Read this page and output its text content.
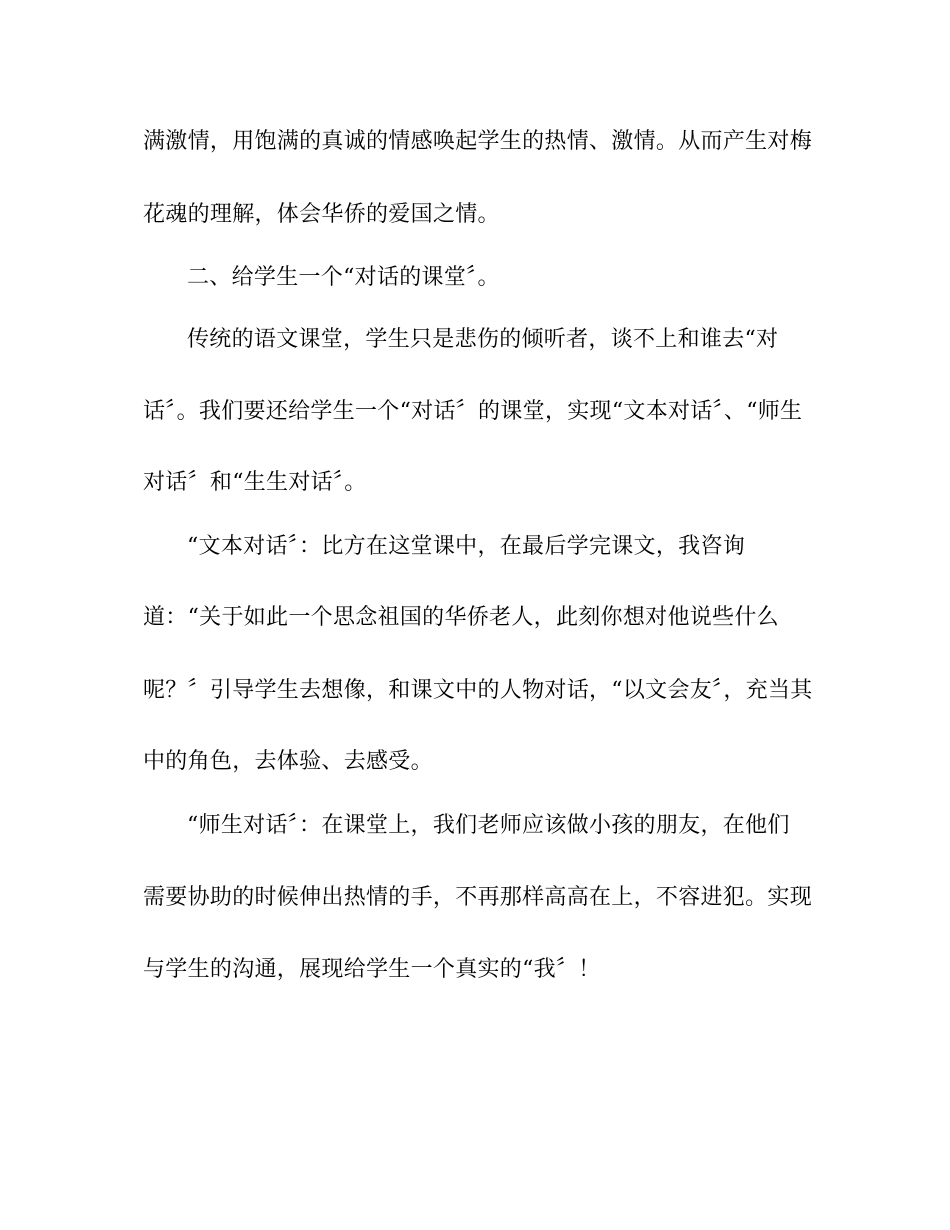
满激情，用饱满的真诚的情感唤起学生的热情、激情。从而产生对梅
花魂的理解，体会华侨的爱国之情。
二、给学生一个“对话的课堂〞。
传统的语文课堂，学生只是悲伤的倾听者，谈不上和谁去“对
话〞。我们要还给学生一个“对话〞的课堂，实现“文本对话〞、“师生
对话〞和“生生对话〞。
“文本对话〞：比方在这堂课中，在最后学完课文，我咨询
道：“关于如此一个思念祖国的华侨老人，此刻你想对他说些什么
呢？〞引导学生去想像，和课文中的人物对话，“以文会友〞，充当其
中的角色，去体验、去感受。
“师生对话〞：在课堂上，我们老师应该做小孩的朋友，在他们
需要协助的时候伸出热情的手，不再那样高高在上，不容进犯。实现
与学生的沟通，展现给学生一个真实的“我〞！
